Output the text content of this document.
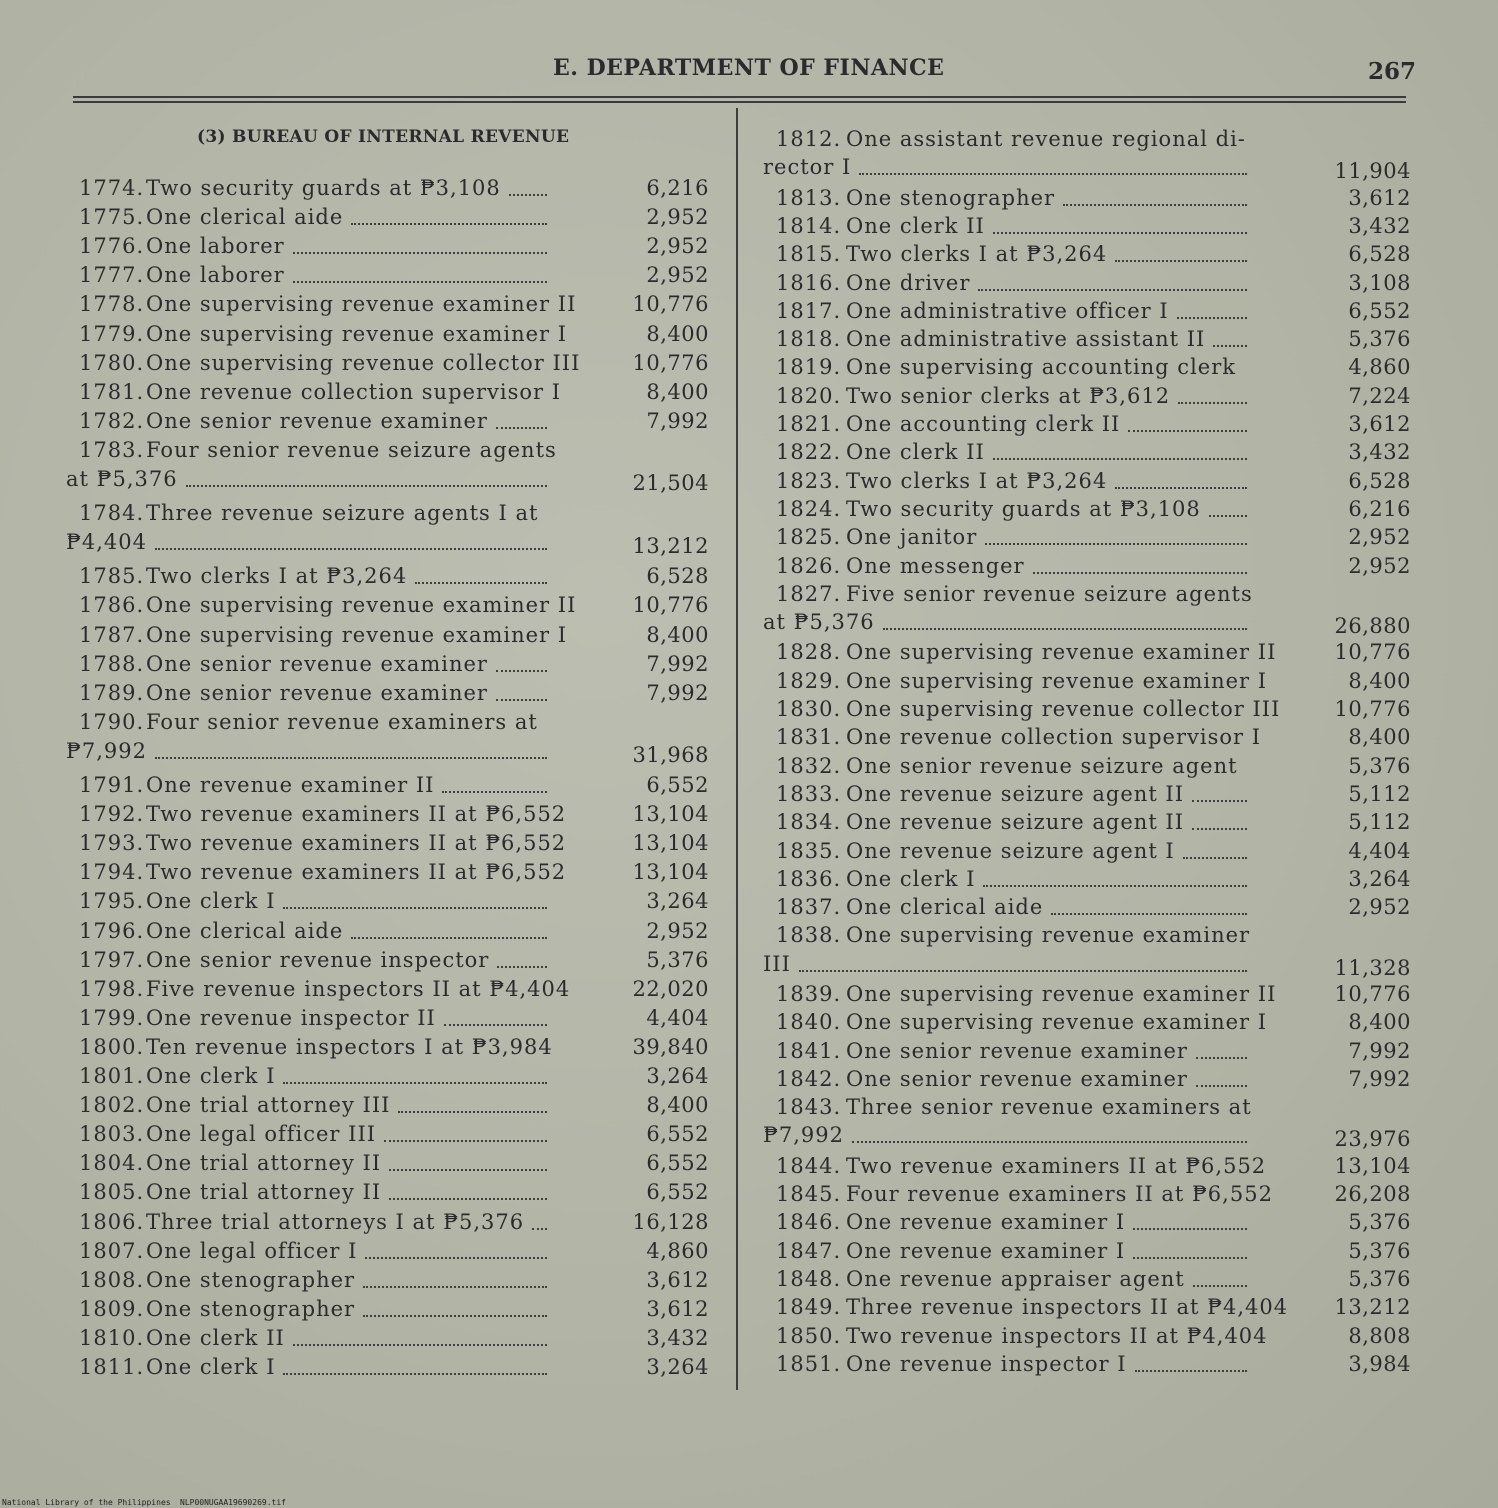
E. DEPARTMENT OF FINANCE	267
(3) BUREAU OF INTERNAL REVENUE
1774. Two security guards at ₱3,108	6,216
1775. One clerical aide	2,952
1776. One laborer	2,952
1777. One laborer	2,952
1778. One supervising revenue examiner II	10,776
1779. One supervising revenue examiner I	8,400
1780. One supervising revenue collector III	10,776
1781. One revenue collection supervisor I	8,400
1782. One senior revenue examiner	7,992
1783. Four senior revenue seizure agents
at ₱5,376	21,504
1784. Three revenue seizure agents I at
₱4,404	13,212
1785. Two clerks I at ₱3,264	6,528
1786. One supervising revenue examiner II	10,776
1787. One supervising revenue examiner I	8,400
1788. One senior revenue examiner	7,992
1789. One senior revenue examiner	7,992
1790. Four senior revenue examiners at
₱7,992	31,968
1791. One revenue examiner II	6,552
1792. Two revenue examiners II at ₱6,552	13,104
1793. Two revenue examiners II at ₱6,552	13,104
1794. Two revenue examiners II at ₱6,552	13,104
1795. One clerk I	3,264
1796. One clerical aide	2,952
1797. One senior revenue inspector	5,376
1798. Five revenue inspectors II at ₱4,404	22,020
1799. One revenue inspector II	4,404
1800. Ten revenue inspectors I at ₱3,984	39,840
1801. One clerk I	3,264
1802. One trial attorney III	8,400
1803. One legal officer III	6,552
1804. One trial attorney II	6,552
1805. One trial attorney II	6,552
1806. Three trial attorneys I at ₱5,376	16,128
1807. One legal officer I	4,860
1808. One stenographer	3,612
1809. One stenographer	3,612
1810. One clerk II	3,432
1811. One clerk I	3,264
1812. One assistant revenue regional di-
rector I	11,904
1813. One stenographer	3,612
1814. One clerk II	3,432
1815. Two clerks I at ₱3,264	6,528
1816. One driver	3,108
1817. One administrative officer I	6,552
1818. One administrative assistant II	5,376
1819. One supervising accounting clerk	4,860
1820. Two senior clerks at ₱3,612	7,224
1821. One accounting clerk II	3,612
1822. One clerk II	3,432
1823. Two clerks I at ₱3,264	6,528
1824. Two security guards at ₱3,108	6,216
1825. One janitor	2,952
1826. One messenger	2,952
1827. Five senior revenue seizure agents
at ₱5,376	26,880
1828. One supervising revenue examiner II	10,776
1829. One supervising revenue examiner I	8,400
1830. One supervising revenue collector III	10,776
1831. One revenue collection supervisor I	8,400
1832. One senior revenue seizure agent	5,376
1833. One revenue seizure agent II	5,112
1834. One revenue seizure agent II	5,112
1835. One revenue seizure agent I	4,404
1836. One clerk I	3,264
1837. One clerical aide	2,952
1838. One supervising revenue examiner
III	11,328
1839. One supervising revenue examiner II	10,776
1840. One supervising revenue examiner I	8,400
1841. One senior revenue examiner	7,992
1842. One senior revenue examiner	7,992
1843. Three senior revenue examiners at
₱7,992	23,976
1844. Two revenue examiners II at ₱6,552	13,104
1845. Four revenue examiners II at ₱6,552	26,208
1846. One revenue examiner I	5,376
1847. One revenue examiner I	5,376
1848. One revenue appraiser agent	5,376
1849. Three revenue inspectors II at ₱4,404	13,212
1850. Two revenue inspectors II at ₱4,404	8,808
1851. One revenue inspector I	3,984
National Library of the Philippines NLP00NUGAA19690269.tif
